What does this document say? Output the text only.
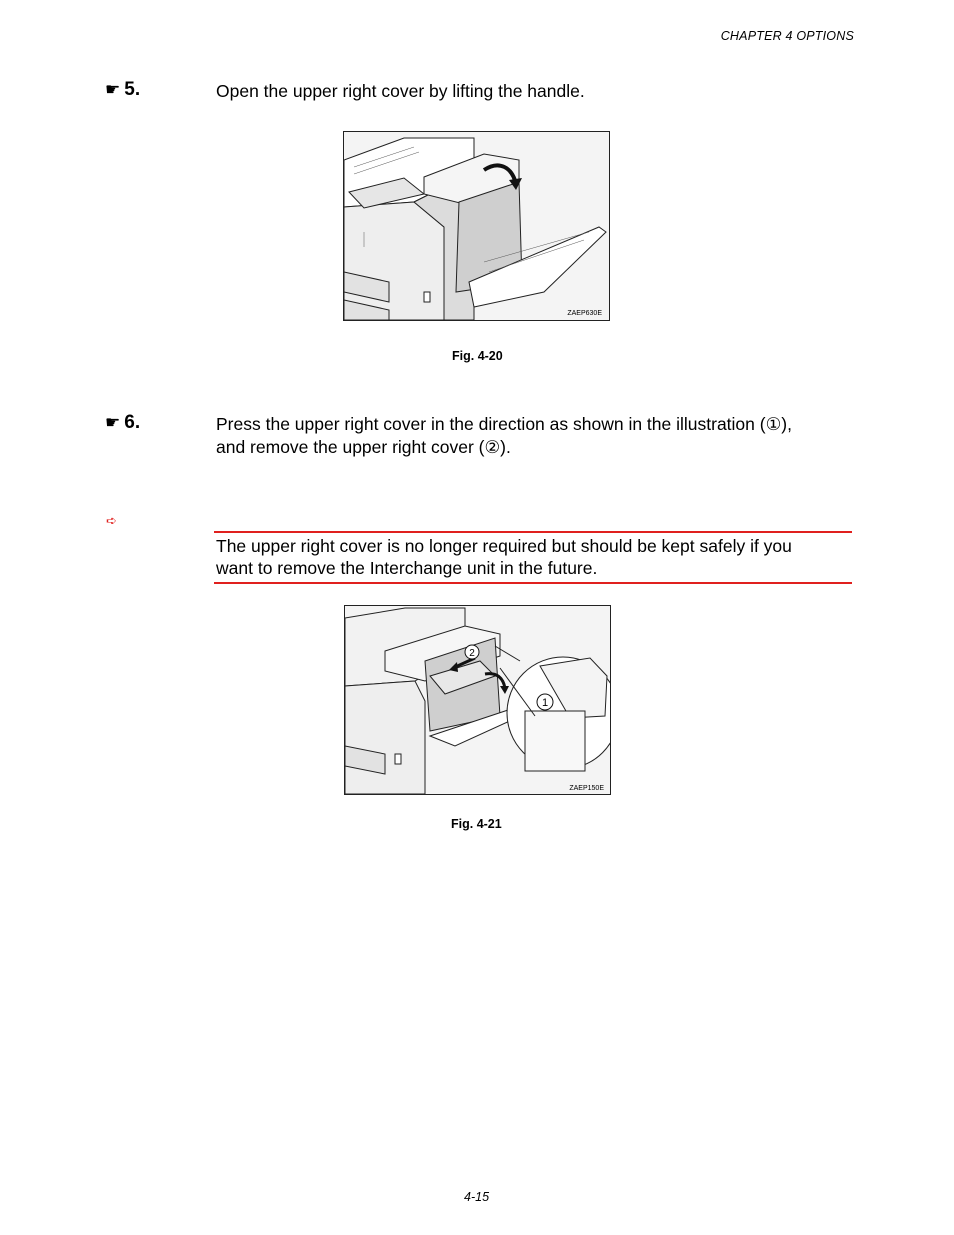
CHAPTER 4 OPTIONS
☛ 5.	Open the upper right cover by lifting the handle.
ZAEP630E
Fig. 4-20
☛ 6.	Press the upper right cover in the direction as shown in the illustration (①),
and remove the upper right cover (②).
➪
The upper right cover is no longer required but should be kept safely if you
want to remove the Interchange unit in the future.
2
1
ZAEP150E
Fig. 4-21
4-15
